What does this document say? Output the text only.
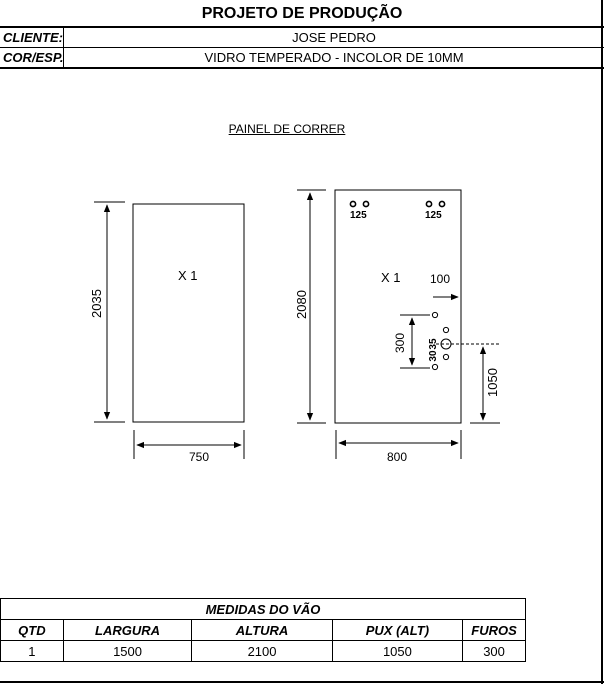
PROJETO DE PRODUÇÃO
CLIENTE:	JOSE PEDRO
COR/ESP.	VIDRO TEMPERADO - INCOLOR DE 10MM
PAINEL DE CORRER
X 1
2035
750
X 1
125	125
2080
800
100
300 35
30
1050
MEDIDAS DO VÃO				
QTD	LARGURA	ALTURA	PUX (ALT)	FUROS
1	1500	2100	1050	300
